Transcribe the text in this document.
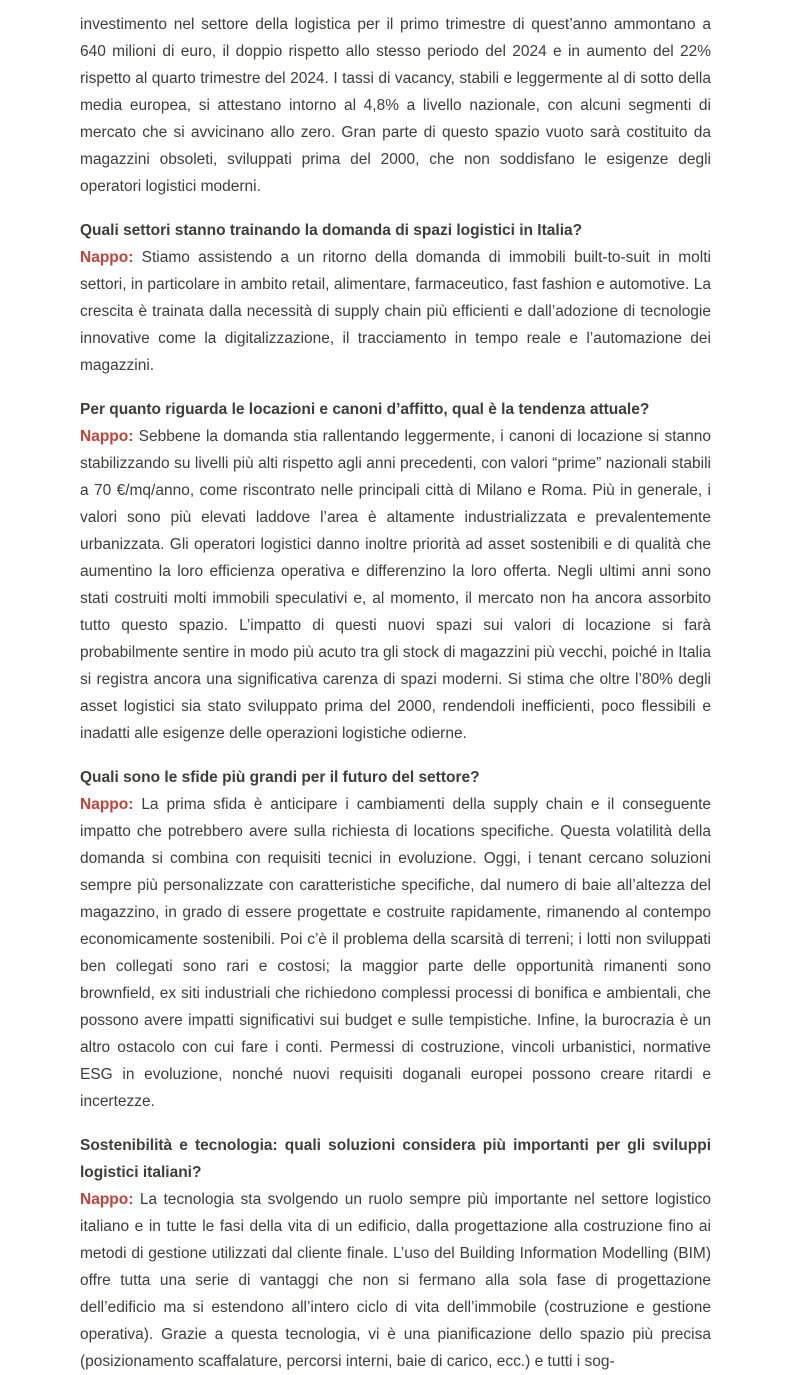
investimento nel settore della logistica per il primo trimestre di quest’anno ammontano a 640 milioni di euro, il doppio rispetto allo stesso periodo del 2024 e in aumento del 22% rispetto al quarto trimestre del 2024. I tassi di vacancy, stabili e leggermente al di sotto della media europea, si attestano intorno al 4,8% a livello nazionale, con alcuni segmenti di mercato che si avvicinano allo zero. Gran parte di questo spazio vuoto sarà costituito da magazzini obsoleti, sviluppati prima del 2000, che non soddisfano le esigenze degli operatori logistici moderni.

Quali settori stanno trainando la domanda di spazi logistici in Italia?

Nappo: Stiamo assistendo a un ritorno della domanda di immobili built-to-suit in molti settori, in particolare in ambito retail, alimentare, farmaceutico, fast fashion e automotive. La crescita è trainata dalla necessità di supply chain più efficienti e dall’adozione di tecnologie innovative come la digitalizzazione, il tracciamento in tempo reale e l’automazione dei magazzini.

Per quanto riguarda le locazioni e canoni d’affitto, qual è la tendenza attuale?

Nappo: Sebbene la domanda stia rallentando leggermente, i canoni di locazione si stanno stabilizzando su livelli più alti rispetto agli anni precedenti, con valori “prime” nazionali stabili a 70 €/mq/anno, come riscontrato nelle principali città di Milano e Roma. Più in generale, i valori sono più elevati laddove l’area è altamente industrializzata e prevalentemente urbanizzata. Gli operatori logistici danno inoltre priorità ad asset sostenibili e di qualità che aumentino la loro efficienza operativa e differenzino la loro offerta. Negli ultimi anni sono stati costruiti molti immobili speculativi e, al momento, il mercato non ha ancora assorbito tutto questo spazio. L’impatto di questi nuovi spazi sui valori di locazione si farà probabilmente sentire in modo più acuto tra gli stock di magazzini più vecchi, poiché in Italia si registra ancora una significativa carenza di spazi moderni. Si stima che oltre l’80% degli asset logistici sia stato sviluppato prima del 2000, rendendoli inefficienti, poco flessibili e inadatti alle esigenze delle operazioni logistiche odierne.

Quali sono le sfide più grandi per il futuro del settore?

Nappo: La prima sfida è anticipare i cambiamenti della supply chain e il conseguente impatto che potrebbero avere sulla richiesta di locations specifiche. Questa volatilità della domanda si combina con requisiti tecnici in evoluzione. Oggi, i tenant cercano soluzioni sempre più personalizzate con caratteristiche specifiche, dal numero di baie all’altezza del magazzino, in grado di essere progettate e costruite rapidamente, rimanendo al contempo economicamente sostenibili. Poi c’è il problema della scarsità di terreni; i lotti non sviluppati ben collegati sono rari e costosi; la maggior parte delle opportunità rimanenti sono brownfield, ex siti industriali che richiedono complessi processi di bonifica e ambientali, che possono avere impatti significativi sui budget e sulle tempistiche. Infine, la burocrazia è un altro ostacolo con cui fare i conti. Permessi di costruzione, vincoli urbanistici, normative ESG in evoluzione, nonché nuovi requisiti doganali europei possono creare ritardi e incertezze.

Sostenibilità e tecnologia: quali soluzioni considera più importanti per gli sviluppi logistici italiani?

Nappo: La tecnologia sta svolgendo un ruolo sempre più importante nel settore logistico italiano e in tutte le fasi della vita di un edificio, dalla progettazione alla costruzione fino ai metodi di gestione utilizzati dal cliente finale. L’uso del Building Information Modelling (BIM) offre tutta una serie di vantaggi che non si fermano alla sola fase di progettazione dell’edificio ma si estendono all’intero ciclo di vita dell’immobile (costruzione e gestione operativa). Grazie a questa tecnologia, vi è una pianificazione dello spazio più precisa (posizionamento scaffalature, percorsi interni, baie di carico, ecc.) e tutti i sog-
